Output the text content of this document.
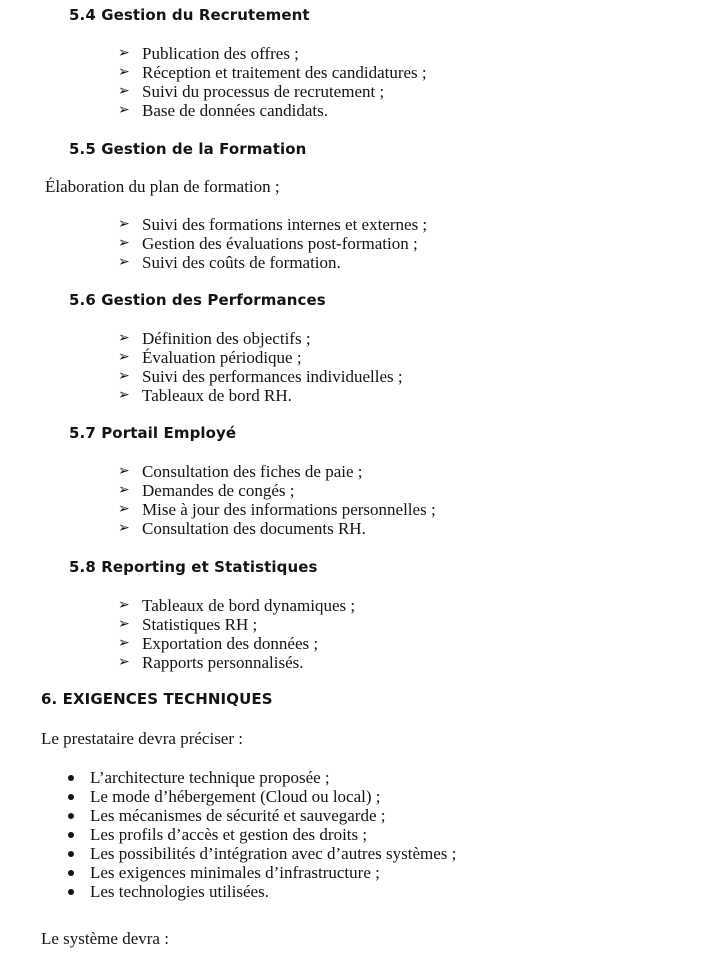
5.4 Gestion du Recrutement
➢ Publication des offres ;
➢ Réception et traitement des candidatures ;
➢ Suivi du processus de recrutement ;
➢ Base de données candidats.
5.5 Gestion de la Formation
Élaboration du plan de formation ;
➢ Suivi des formations internes et externes ;
➢ Gestion des évaluations post-formation ;
➢ Suivi des coûts de formation.
5.6 Gestion des Performances
➢ Définition des objectifs ;
➢ Évaluation périodique ;
➢ Suivi des performances individuelles ;
➢ Tableaux de bord RH.
5.7 Portail Employé
➢ Consultation des fiches de paie ;
➢ Demandes de congés ;
➢ Mise à jour des informations personnelles ;
➢ Consultation des documents RH.
5.8 Reporting et Statistiques
➢ Tableaux de bord dynamiques ;
➢ Statistiques RH ;
➢ Exportation des données ;
➢ Rapports personnalisés.
6. EXIGENCES TECHNIQUES
Le prestataire devra préciser :
L’architecture technique proposée ;
Le mode d’hébergement (Cloud ou local) ;
Les mécanismes de sécurité et sauvegarde ;
Les profils d’accès et gestion des droits ;
Les possibilités d’intégration avec d’autres systèmes ;
Les exigences minimales d’infrastructure ;
Les technologies utilisées.
Le système devra :
